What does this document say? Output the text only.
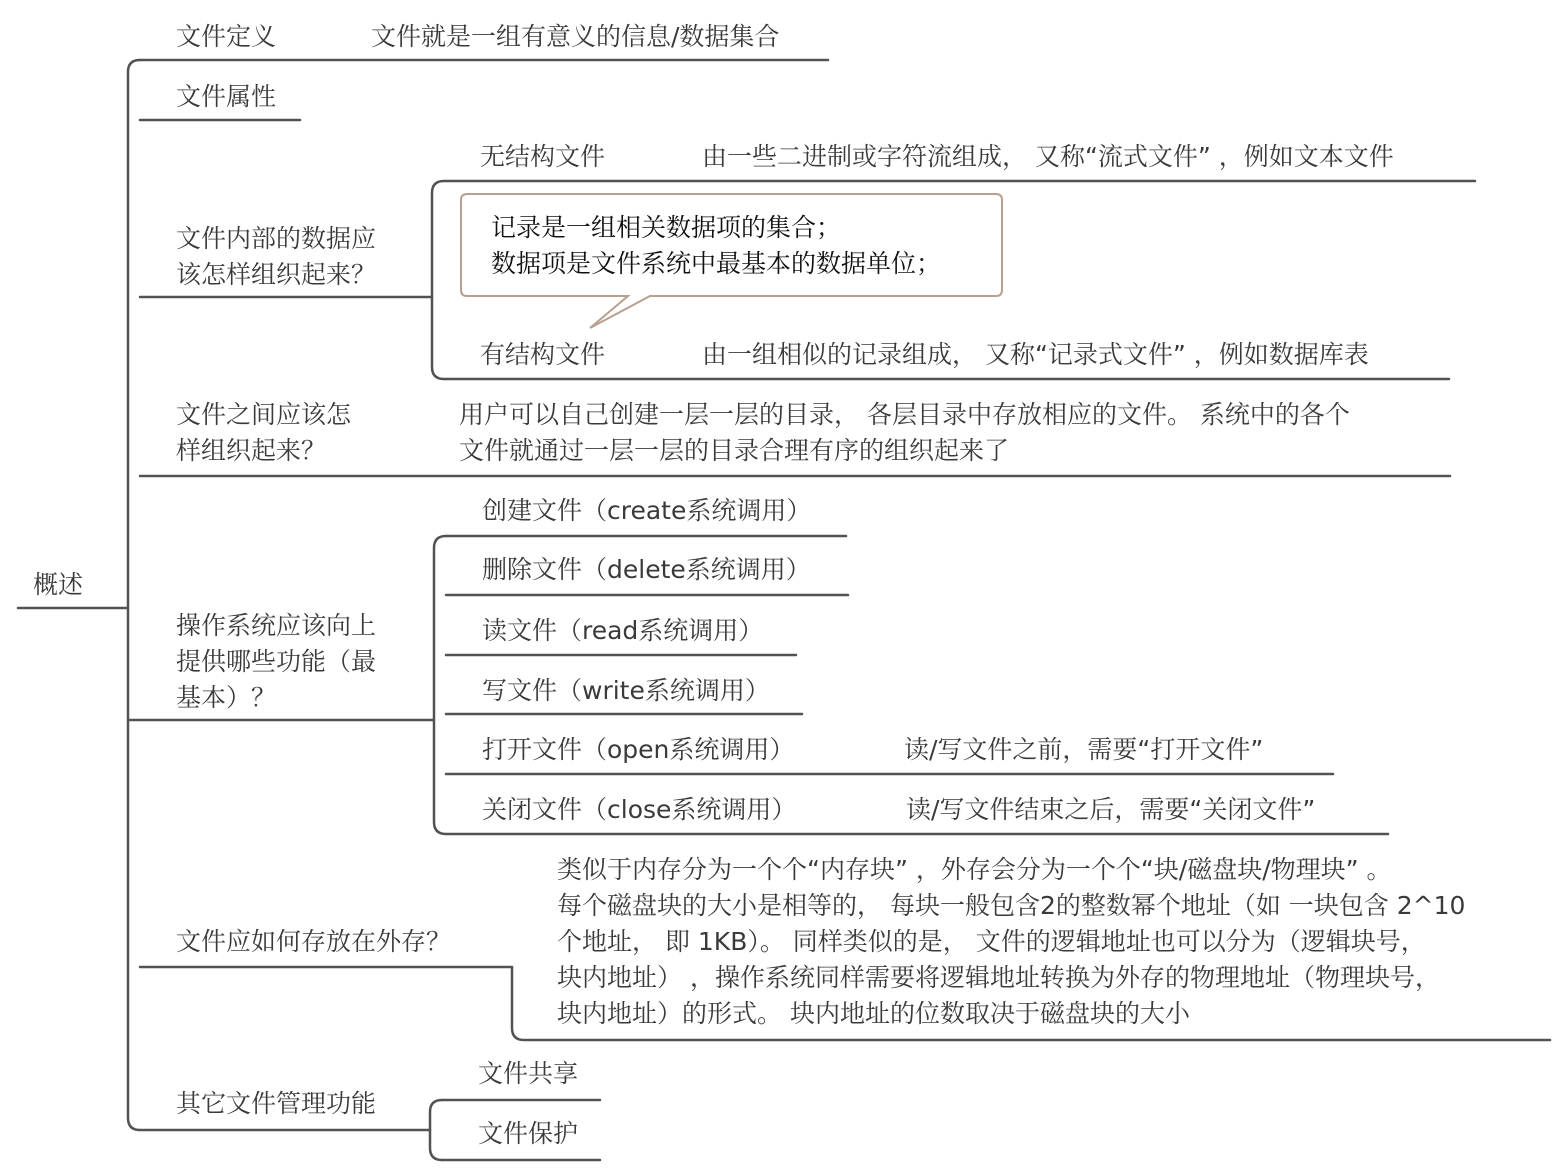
概述
文件定义	文件就是一组有意义的信息/数据集合
文件属性
文件内部的数据应
该怎样组织起来？
无结构文件	由一些二进制或字符流组成， 又称“流式文件” ，例如文本文件
记录是一组相关数据项的集合；
数据项是文件系统中最基本的数据单位；
有结构文件	由一组相似的记录组成， 又称“记录式文件” ，例如数据库表
文件之间应该怎
样组织起来？
用户可以自己创建一层一层的目录， 各层目录中存放相应的文件。 系统中的各个
文件就通过一层一层的目录合理有序的组织起来了
操作系统应该向上
提供哪些功能（最
基本）？
创建文件（create系统调用）
删除文件（delete系统调用）
读文件（read系统调用）
写文件（write系统调用）
打开文件（open系统调用）	读/写文件之前，需要“打开文件”
关闭文件（close系统调用）	读/写文件结束之后，需要“关闭文件”
文件应如何存放在外存？
类似于内存分为一个个“内存块” ，外存会分为一个个“块/磁盘块/物理块” 。
每个磁盘块的大小是相等的， 每块一般包含2的整数幂个地址（如 一块包含 2^10
个地址， 即 1KB）。 同样类似的是， 文件的逻辑地址也可以分为（逻辑块号，
块内地址） ，操作系统同样需要将逻辑地址转换为外存的物理地址（物理块号，
块内地址）的形式。 块内地址的位数取决于磁盘块的大小
其它文件管理功能
文件共享
文件保护
